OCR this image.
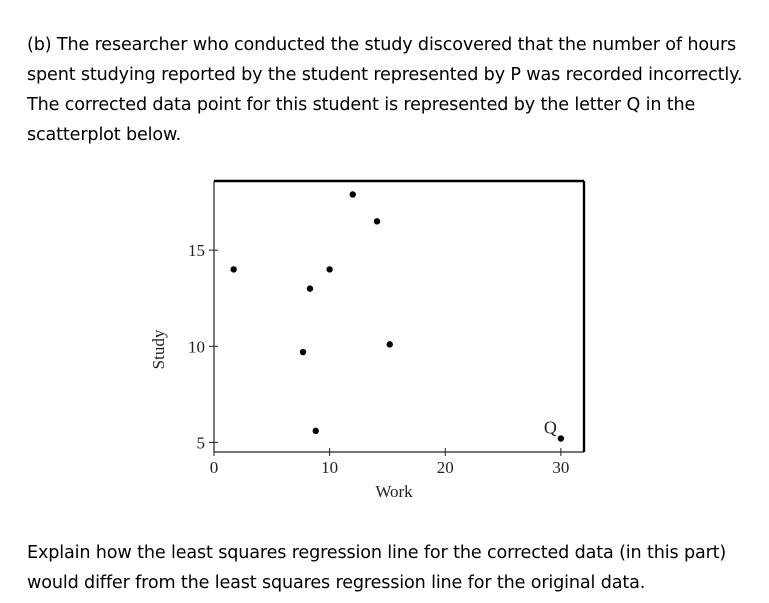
(b) The researcher who conducted the study discovered that the number of hours
spent studying reported by the student represented by P was recorded incorrectly.
The corrected data point for this student is represented by the letter Q in the
scatterplot below.
0	10	20	30
5
10
15
Q
Work
Study
Explain how the least squares regression line for the corrected data (in this part)
would differ from the least squares regression line for the original data.
